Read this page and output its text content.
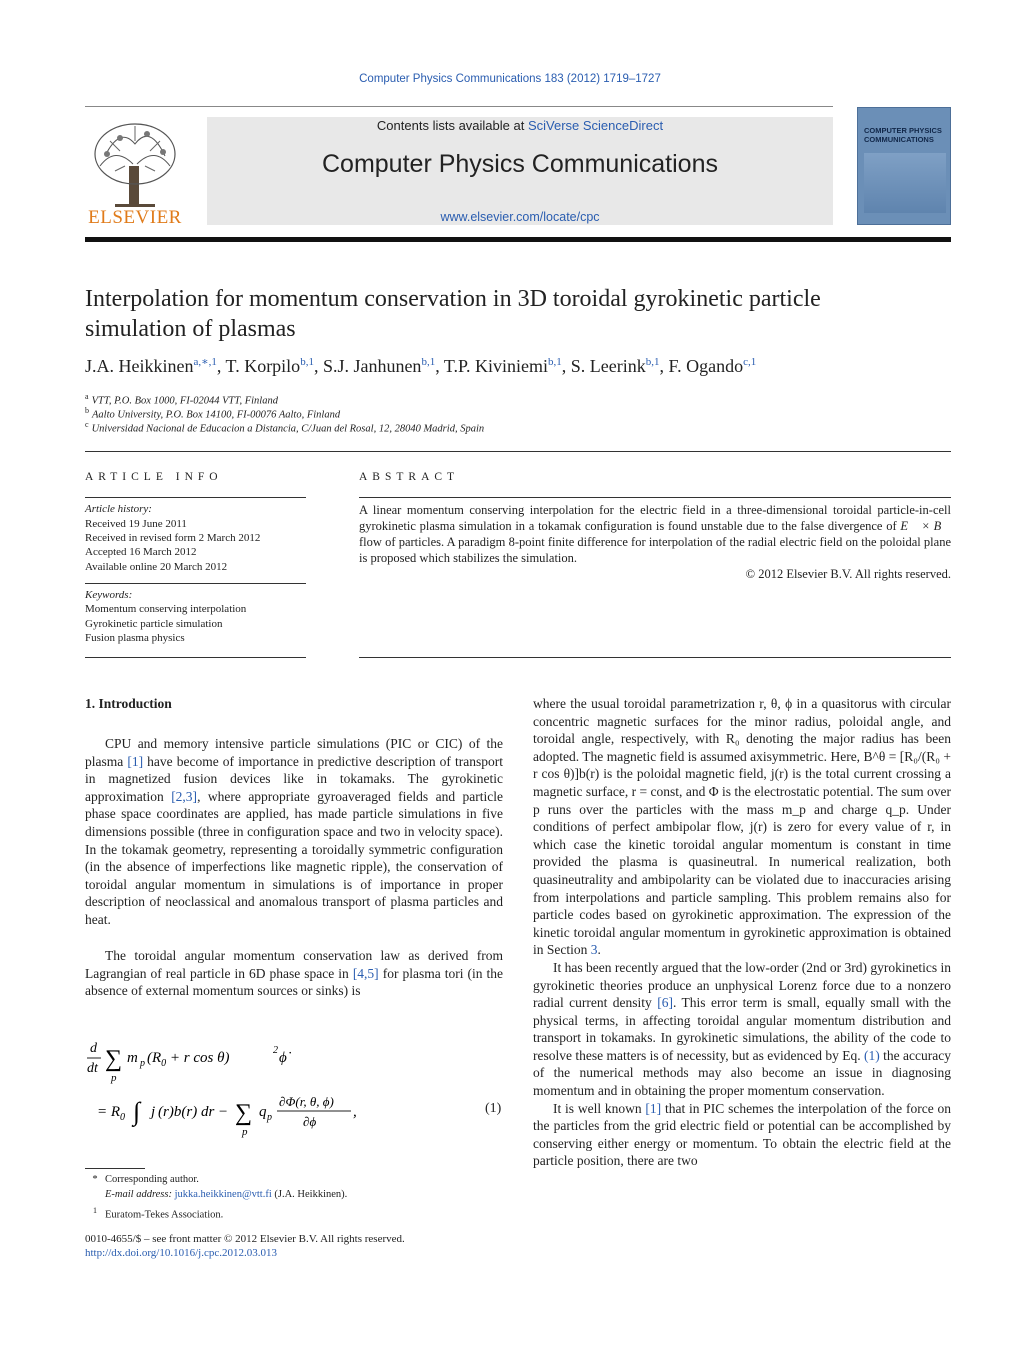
Computer Physics Communications 183 (2012) 1719–1727
ELSEVIER
Contents lists available at SciVerse ScienceDirect
Computer Physics Communications
www.elsevier.com/locate/cpc
COMPUTER PHYSICS COMMUNICATIONS
Interpolation for momentum conservation in 3D toroidal gyrokinetic particle
simulation of plasmas
J.A. Heikkinen$^{a,∗,1}$, T. Korpilo$^{b,1}$, S.J. Janhunen$^{b,1}$, T.P. Kiviniemi$^{b,1}$, S. Leerink$^{b,1}$, F. Ogando$^{c,1}$
$^a$ VTT, P.O. Box 1000, FI-02044 VTT, Finland
$^b$ Aalto University, P.O. Box 14100, FI-00076 Aalto, Finland
$^c$ Universidad Nacional de Educacion a Distancia, C/Juan del Rosal, 12, 28040 Madrid, Spain
ARTICLE INFO	ABSTRACT
Article history:
Received 19 June 2011
Received in revised form 2 March 2012
Accepted 16 March 2012
Available online 20 March 2012
Keywords:
Momentum conserving interpolation
Gyrokinetic particle simulation
Fusion plasma physics
A linear momentum conserving interpolation for the electric field in a three-dimensional toroidal particle-in-cell gyrokinetic plasma simulation in a tokamak configuration is found unstable due to the false divergence of E⃗ × B⃗ flow of particles. A paradigm 8-point finite difference for interpolation of the radial electric field on the poloidal plane is proposed which stabilizes the simulation.
© 2012 Elsevier B.V. All rights reserved.
1. Introduction
CPU and memory intensive particle simulations (PIC or CIC) of the plasma [1] have become of importance in predictive description of transport in magnetized fusion devices like in tokamaks. The gyrokinetic approximation [2,3], where appropriate gyroaveraged fields and particle phase space coordinates are applied, has made particle simulations in five dimensions possible (three in configuration space and two in velocity space). In the tokamak geometry, representing a toroidally symmetric configuration (in the absence of imperfections like magnetic ripple), the conservation of toroidal angular momentum in simulations is of importance in proper description of neoclassical and anomalous transport of plasma particles and heat.
The toroidal angular momentum conservation law as derived from Lagrangian of real particle in 6D phase space in [4,5] for plasma tori (in the absence of external momentum sources or sinks) is
d
dt ∑
p
m p ($R_0 + r$ cos θ)	2 ϕ̇
= $R_0$ ∫ j (r)b(r) dr − ∑
p
q p
∂Φ(r, θ, ϕ)
∂ϕ
,	(1)

where the usual toroidal parametrization r, θ, ϕ in a quasitorus with circular concentric magnetic surfaces for the minor radius, poloidal angle, and toroidal angle, respectively, with R₀ denoting the major radius has been adopted. The magnetic field is assumed axisymmetric. Here, B^θ = [R₀/(R₀ + r cos θ)]b(r) is the poloidal magnetic field, j(r) is the total current crossing a magnetic surface, r = const, and Φ is the electrostatic potential. The sum over p runs over the particles with the mass m_p and charge q_p. Under conditions of perfect ambipolar flow, j(r) is zero for every value of r, in which case the kinetic toroidal angular momentum is constant in time provided the plasma is quasineutral. In numerical realization, both quasineutrality and ambipolarity can be violated due to inaccuracies arising from interpolations and particle sampling. This problem remains also for particle codes based on gyrokinetic approximation. The expression of the kinetic toroidal angular momentum in gyrokinetic approximation is obtained in Section 3.

It has been recently argued that the low-order (2nd or 3rd) gyrokinetics in gyrokinetic theories produce an unphysical Lorenz force due to a nonzero radial current density [6]. This error term is small, equally small with the physical terms, in affecting toroidal angular momentum distribution and transport in tokamaks. In gyrokinetic simulations, the ability of the code to resolve these matters is of necessity, but as evidenced by Eq. (1) the accuracy of the numerical methods may also become an issue in diagnosing momentum and in obtaining the proper momentum conservation.

It is well known [1] that in PIC schemes the interpolation of the force on the particles from the grid electric field or potential can be accomplished by conserving either energy or momentum. To obtain the electric field at the particle position, there are two

* Corresponding author.
E-mail address: jukka.heikkinen@vtt.fi (J.A. Heikkinen).
1 Euratom-Tekes Association.
0010-4655/$ – see front matter © 2012 Elsevier B.V. All rights reserved.
http://dx.doi.org/10.1016/j.cpc.2012.03.013
